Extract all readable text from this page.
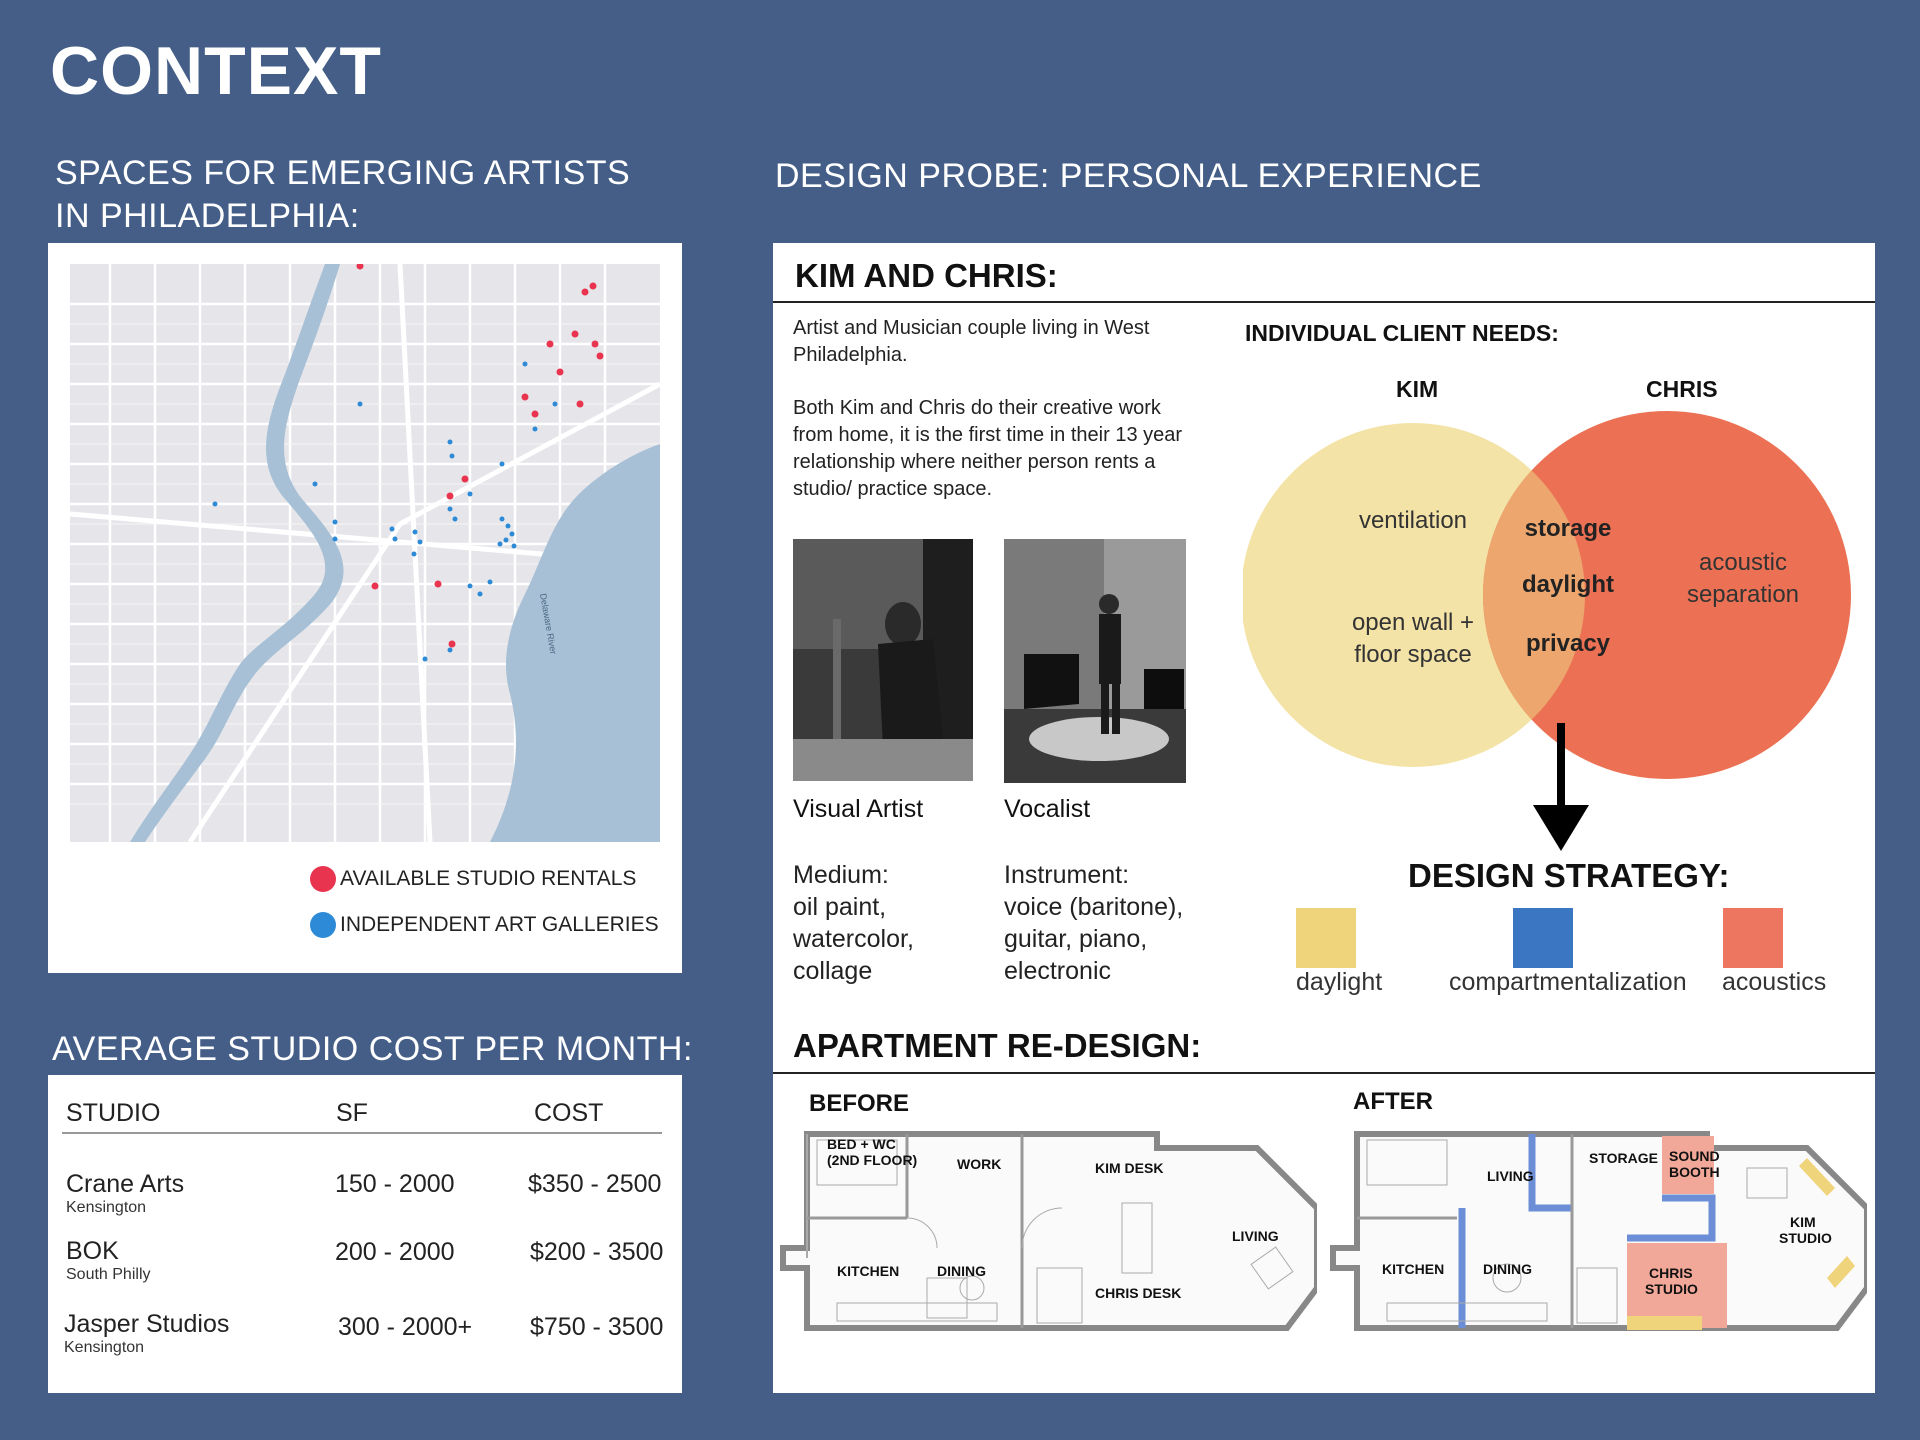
CONTEXT
SPACES FOR EMERGING ARTISTS IN PHILADELPHIA:
Delaware River
AVAILABLE STUDIO RENTALS
INDEPENDENT ART GALLERIES
AVERAGE STUDIO COST PER MONTH:
STUDIO	SF	COST
Crane Arts
Kensington
150 - 2000	$350 - 2500
BOK
South Philly
200 - 2000	$200 - 3500
Jasper Studios
Kensington
300 - 2000+ $750 - 3500
DESIGN PROBE: PERSONAL EXPERIENCE
KIM AND CHRIS:
Artist and Musician couple living in West Philadelphia.
Both Kim and Chris do their creative work from home, it is the first time in their 13 year relationship where neither person rents a studio/ practice space.
Visual Artist	Vocalist
Medium:
oil paint,
watercolor,
collage
Instrument:
voice (baritone),
guitar, piano,
electronic
INDIVIDUAL CLIENT NEEDS:
KIM	CHRIS
ventilation
open wall +
floor space
storage
daylight
privacy
acoustic
separation
DESIGN STRATEGY:
daylight	compartmentalization acoustics
APARTMENT RE-DESIGN:
BEFORE	AFTER
BED + WC
(2ND FLOOR)	WORK	KIM DESK
LIVING
KITCHEN	DINING
CHRIS DESK
LIVING
STORAGE SOUND
BOOTH
KIM
STUDIO
KITCHEN	DINING	CHRIS
STUDIO
